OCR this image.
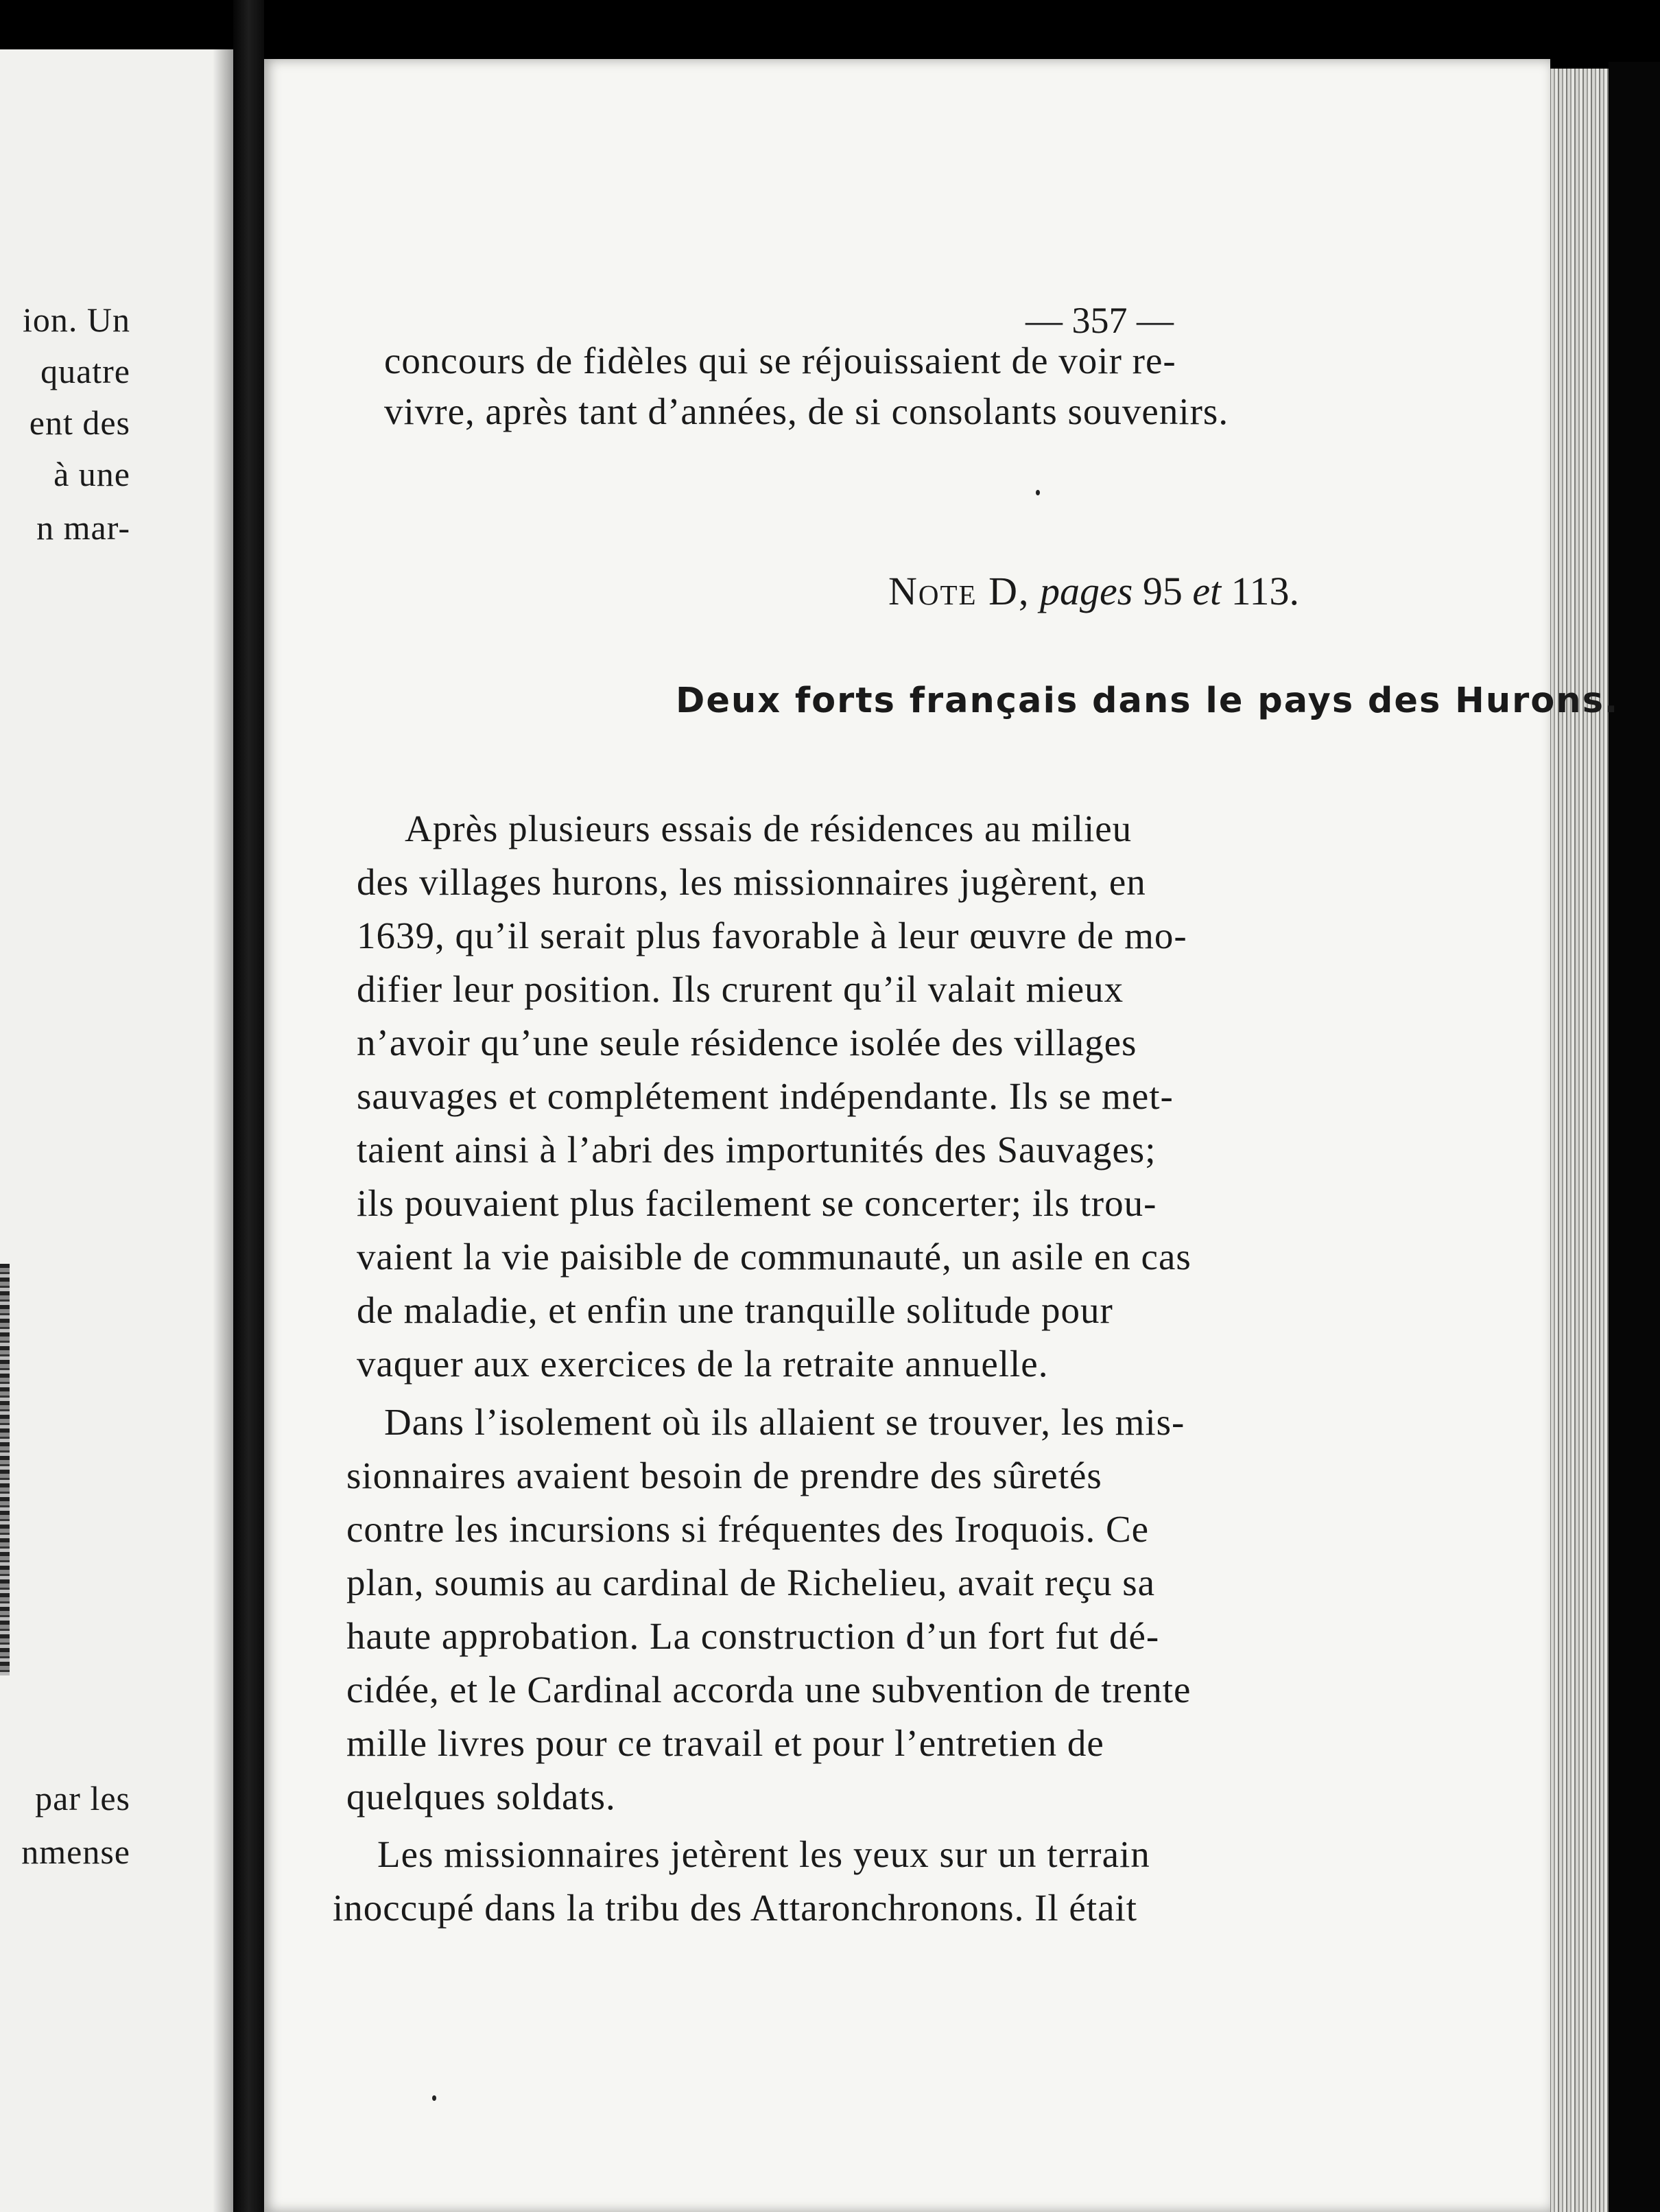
ion. Un
quatre
ent des
à une
n mar-
par les
nmense
— 357 —
concours de fidèles qui se réjouissaient de voir re-
vivre, après tant d’années, de si consolants souvenirs.
Note D, pages 95 et 113.
Deux forts français dans le pays des Hurons.
Après plusieurs essais de résidences au milieu
des villages hurons, les missionnaires jugèrent, en
1639, qu’il serait plus favorable à leur œuvre de mo-
difier leur position. Ils crurent qu’il valait mieux
n’avoir qu’une seule résidence isolée des villages
sauvages et complétement indépendante. Ils se met-
taient ainsi à l’abri des importunités des Sauvages;
ils pouvaient plus facilement se concerter; ils trou-
vaient la vie paisible de communauté, un asile en cas
de maladie, et enfin une tranquille solitude pour
vaquer aux exercices de la retraite annuelle.
Dans l’isolement où ils allaient se trouver, les mis-
sionnaires avaient besoin de prendre des sûretés
contre les incursions si fréquentes des Iroquois. Ce
plan, soumis au cardinal de Richelieu, avait reçu sa
haute approbation. La construction d’un fort fut dé-
cidée, et le Cardinal accorda une subvention de trente
mille livres pour ce travail et pour l’entretien de
quelques soldats.
Les missionnaires jetèrent les yeux sur un terrain
inoccupé dans la tribu des Attaronchronons. Il était
